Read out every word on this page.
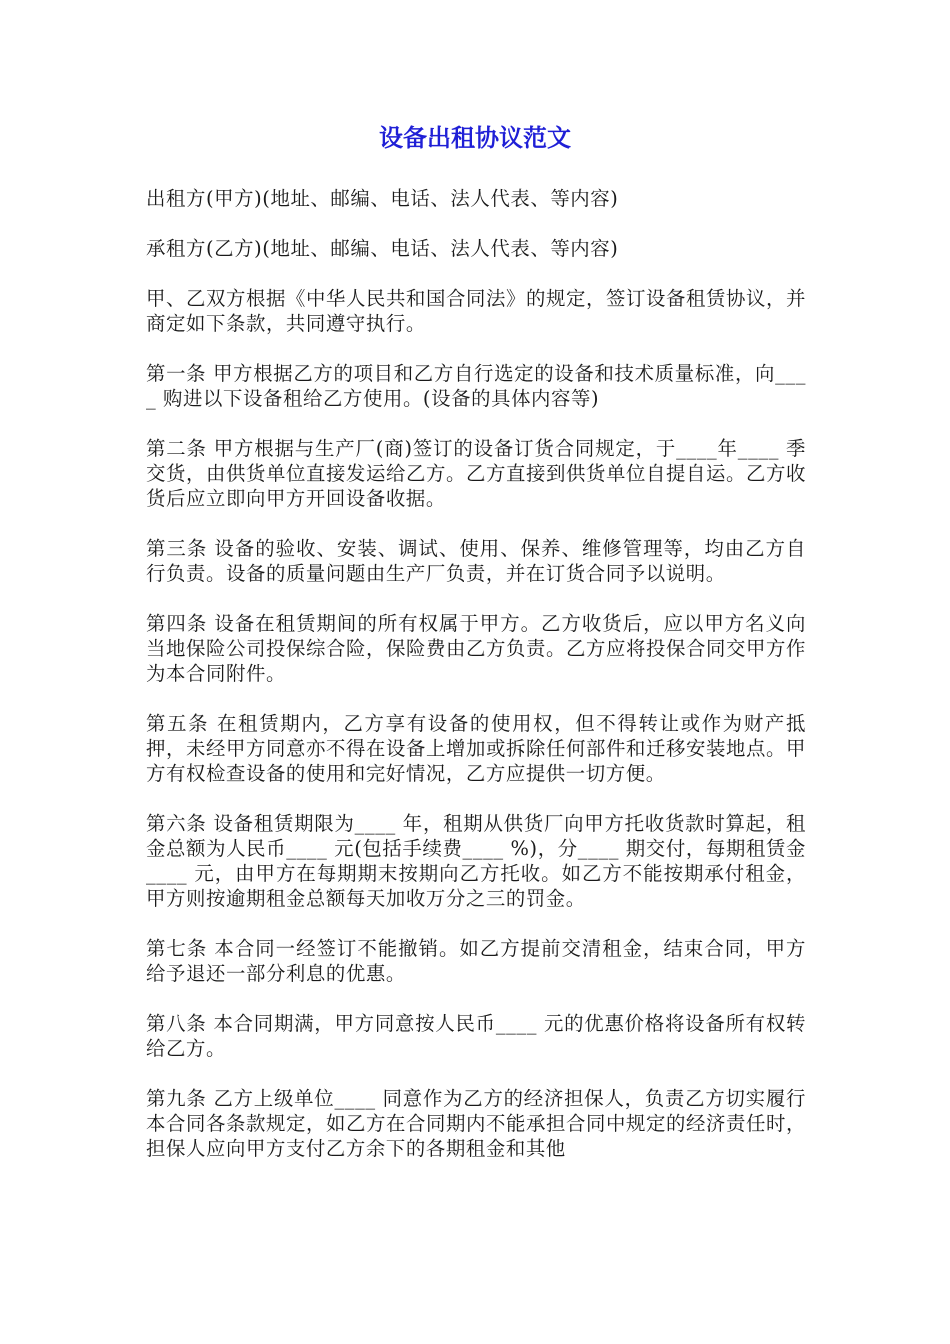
设备出租协议范文

出租方(甲方)(地址、邮编、电话、法人代表、等内容)

承租方(乙方)(地址、邮编、电话、法人代表、等内容)

甲、乙双方根据《中华人民共和国合同法》的规定，签订设备租赁协议，并商定如下条款，共同遵守执行。

第一条 甲方根据乙方的项目和乙方自行选定的设备和技术质量标准，向____ 购进以下设备租给乙方使用。(设备的具体内容等)

第二条 甲方根据与生产厂(商)签订的设备订货合同规定，于____年____ 季交货，由供货单位直接发运给乙方。乙方直接到供货单位自提自运。乙方收货后应立即向甲方开回设备收据。

第三条 设备的验收、安装、调试、使用、保养、维修管理等，均由乙方自行负责。设备的质量问题由生产厂负责，并在订货合同予以说明。

第四条 设备在租赁期间的所有权属于甲方。乙方收货后，应以甲方名义向当地保险公司投保综合险，保险费由乙方负责。乙方应将投保合同交甲方作为本合同附件。

第五条 在租赁期内，乙方享有设备的使用权，但不得转让或作为财产抵押，未经甲方同意亦不得在设备上增加或拆除任何部件和迁移安装地点。甲方有权检查设备的使用和完好情况，乙方应提供一切方便。

第六条 设备租赁期限为____ 年，租期从供货厂向甲方托收货款时算起，租金总额为人民币____ 元(包括手续费____ %)，分____ 期交付，每期租赁金____ 元，由甲方在每期期末按期向乙方托收。如乙方不能按期承付租金，甲方则按逾期租金总额每天加收万分之三的罚金。

第七条 本合同一经签订不能撤销。如乙方提前交清租金，结束合同，甲方给予退还一部分利息的优惠。

第八条 本合同期满，甲方同意按人民币____ 元的优惠价格将设备所有权转给乙方。

第九条 乙方上级单位____ 同意作为乙方的经济担保人，负责乙方切实履行本合同各条款规定，如乙方在合同期内不能承担合同中规定的经济责任时，担保人应向甲方支付乙方余下的各期租金和其他
